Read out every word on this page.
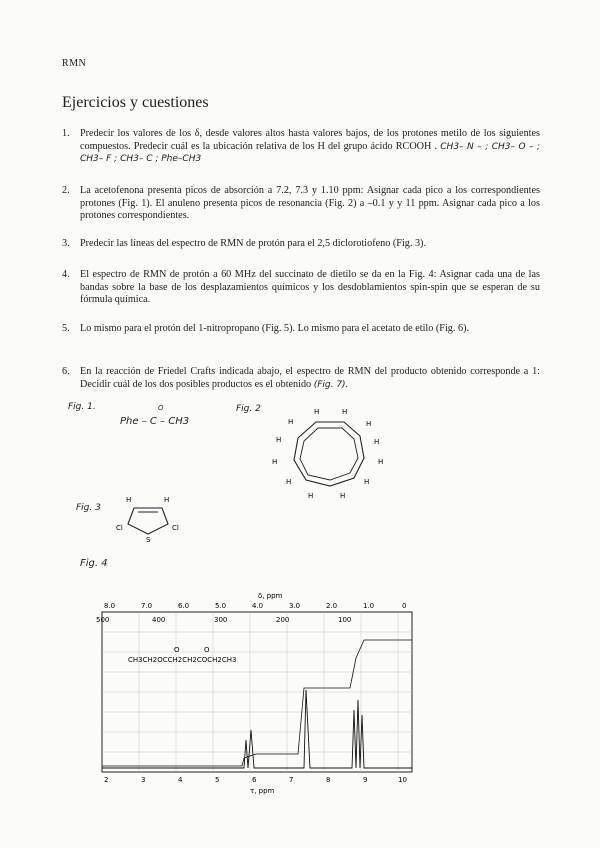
RMN
Ejercicios y cuestiones
1. Predecir los valores de los δ, desde valores altos hasta valores bajos, de los protones metilo de los siguientes compuestos. Predecir cuál es la ubicación relativa de los H del grupo ácido RCOOH . CH3– N – ; CH3– O – ; CH3– F ; CH3– C ; Phe–CH3
2. La acetofenona presenta picos de absorción a 7.2, 7.3 y 1.10 ppm: Asignar cada pico a los correspondientes protones (Fig. 1). El anuleno presenta picos de resonancia (Fig. 2) a –0.1 y y 11 ppm. Asignar cada pico a los protones correspondientes.
3. Predecir las líneas del espectro de RMN de protón para el 2,5 diclorotiofeno (Fig. 3).
4. El espectro de RMN de protón a 60 MHz del succinato de dietilo se da en la Fig. 4: Asignar cada una de las bandas sobre la base de los desplazamientos químicos y los desdoblamientos spin-spin que se esperan de su fórmula química.
5. Lo mismo para el protón del 1-nitropropano (Fig. 5). Lo mismo para el acetato de etilo (Fig. 6).
6. En la reacción de Friedel Crafts indicada abajo, el espectro de RMN del producto obtenido corresponde a 1: Decidir cuál de los dos posibles productos es el obtenido (Fig. 7).
Fig. 1.	O
Phe – C – CH3
Fig. 2	H	H
H	H
H	H
H	H
H	H
H	H
Fig. 3
H	H
Cl	Cl
S
Fig. 4
δ, ppm
8.0	7.0	6.0	5.0	4.0	3.0	2.0	1.0	0
500	400	300	200	100
O	O
CH3CH2OCCH2CH2COCH2CH3
2	3	4	5	6	7	8	9	10
τ, ppm
